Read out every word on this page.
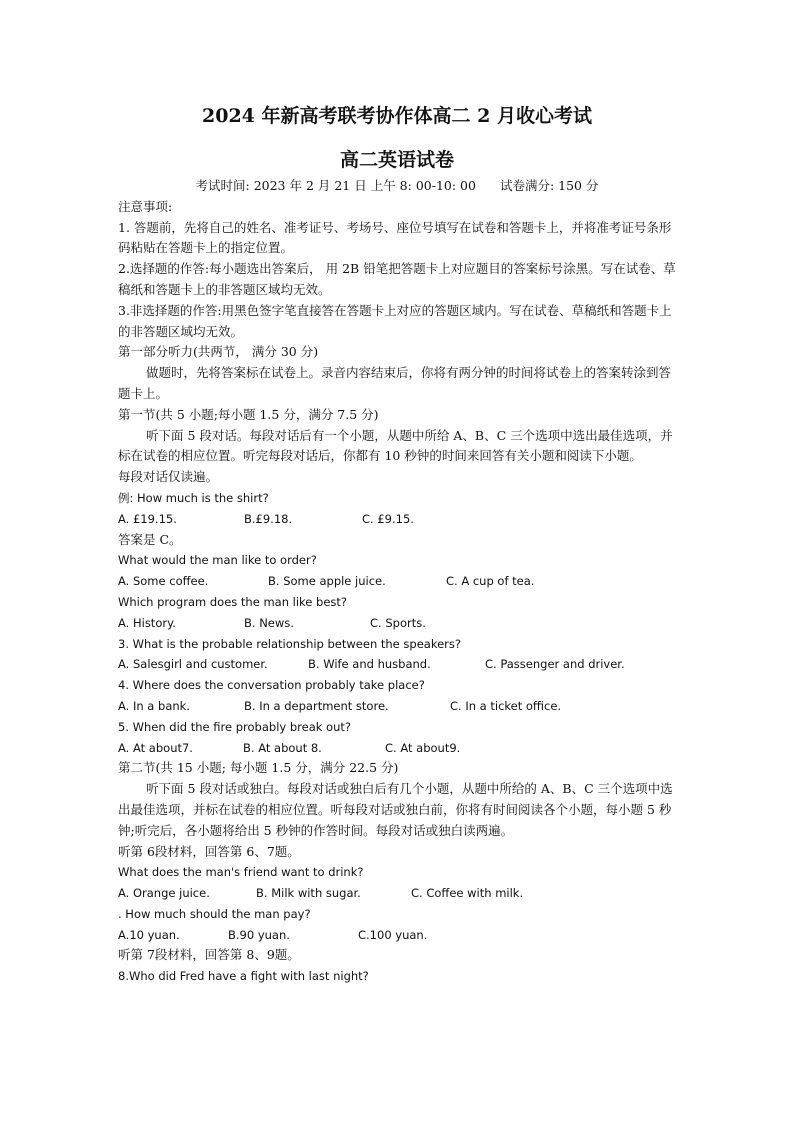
2024 年新高考联考协作体高二 2 月收心考试

高二英语试卷

考试时间: 2023 年 2 月 21 日 上午 8: 00-10: 00 试卷满分: 150 分

注意事项:

1. 答题前，先将自己的姓名、准考证号、考场号、座位号填写在试卷和答题卡上，并将准考证号条形码粘贴在答题卡上的指定位置。

2.选择题的作答:每小题选出答案后， 用 2B 铅笔把答题卡上对应题目的答案标号涂黑。写在试卷、草稿纸和答题卡上的非答题区域均无效。

3.非选择题的作答:用黑色签字笔直接答在答题卡上对应的答题区域内。写在试卷、草稿纸和答题卡上的非答题区域均无效。

第一部分听力(共两节， 满分 30 分)

做题时，先将答案标在试卷上。录音内容结束后，你将有两分钟的时间将试卷上的答案转涂到答题卡上。

第一节(共 5 小题;每小题 1.5 分，满分 7.5 分)

听下面 5 段对话。每段对话后有一个小题，从题中所给 A、B、C 三个选项中选出最佳选项，并标在试卷的相应位置。听完每段对话后，你都有 10 秒钟的时间来回答有关小题和阅读下小题。

每段对话仅读遍。

例: How much is the shirt?

A. £19.15.	B.£9.18.	C. £9.15.

答案是 C。

What would the man like to order?

A. Some coffee.	B. Some apple juice.	C. A cup of tea.

Which program does the man like best?

A. History.	B. News.	C. Sports.

3. What is the probable relationship between the speakers?

A. Salesgirl and customer.	B. Wife and husband.	C. Passenger and driver.

4. Where does the conversation probably take place?

A. In a bank.	B. In a department store.	C. In a ticket office.

5. When did the fire probably break out?

A. At about7.	B. At about 8.	C. At about9.

第二节(共 15 小题; 每小题 1.5 分，满分 22.5 分)

听下面 5 段对话或独白。每段对话或独白后有几个小题，从题中所给的 A、B、C 三个选项中选出最佳选项，并标在试卷的相应位置。听每段对话或独白前，你将有时间阅读各个小题，每小题 5 秒钟;听完后，各小题将给出 5 秒钟的作答时间。每段对话或独白读两遍。

听第 6段材料，回答第 6、7题。

What does the man's friend want to drink?

A. Orange juice.	B. Milk with sugar.	C. Coffee with milk.

. How much should the man pay?

A.10 yuan.	B.90 yuan.	C.100 yuan.

听第 7段材料，回答第 8、9题。

8.Who did Fred have a fight with last night?
